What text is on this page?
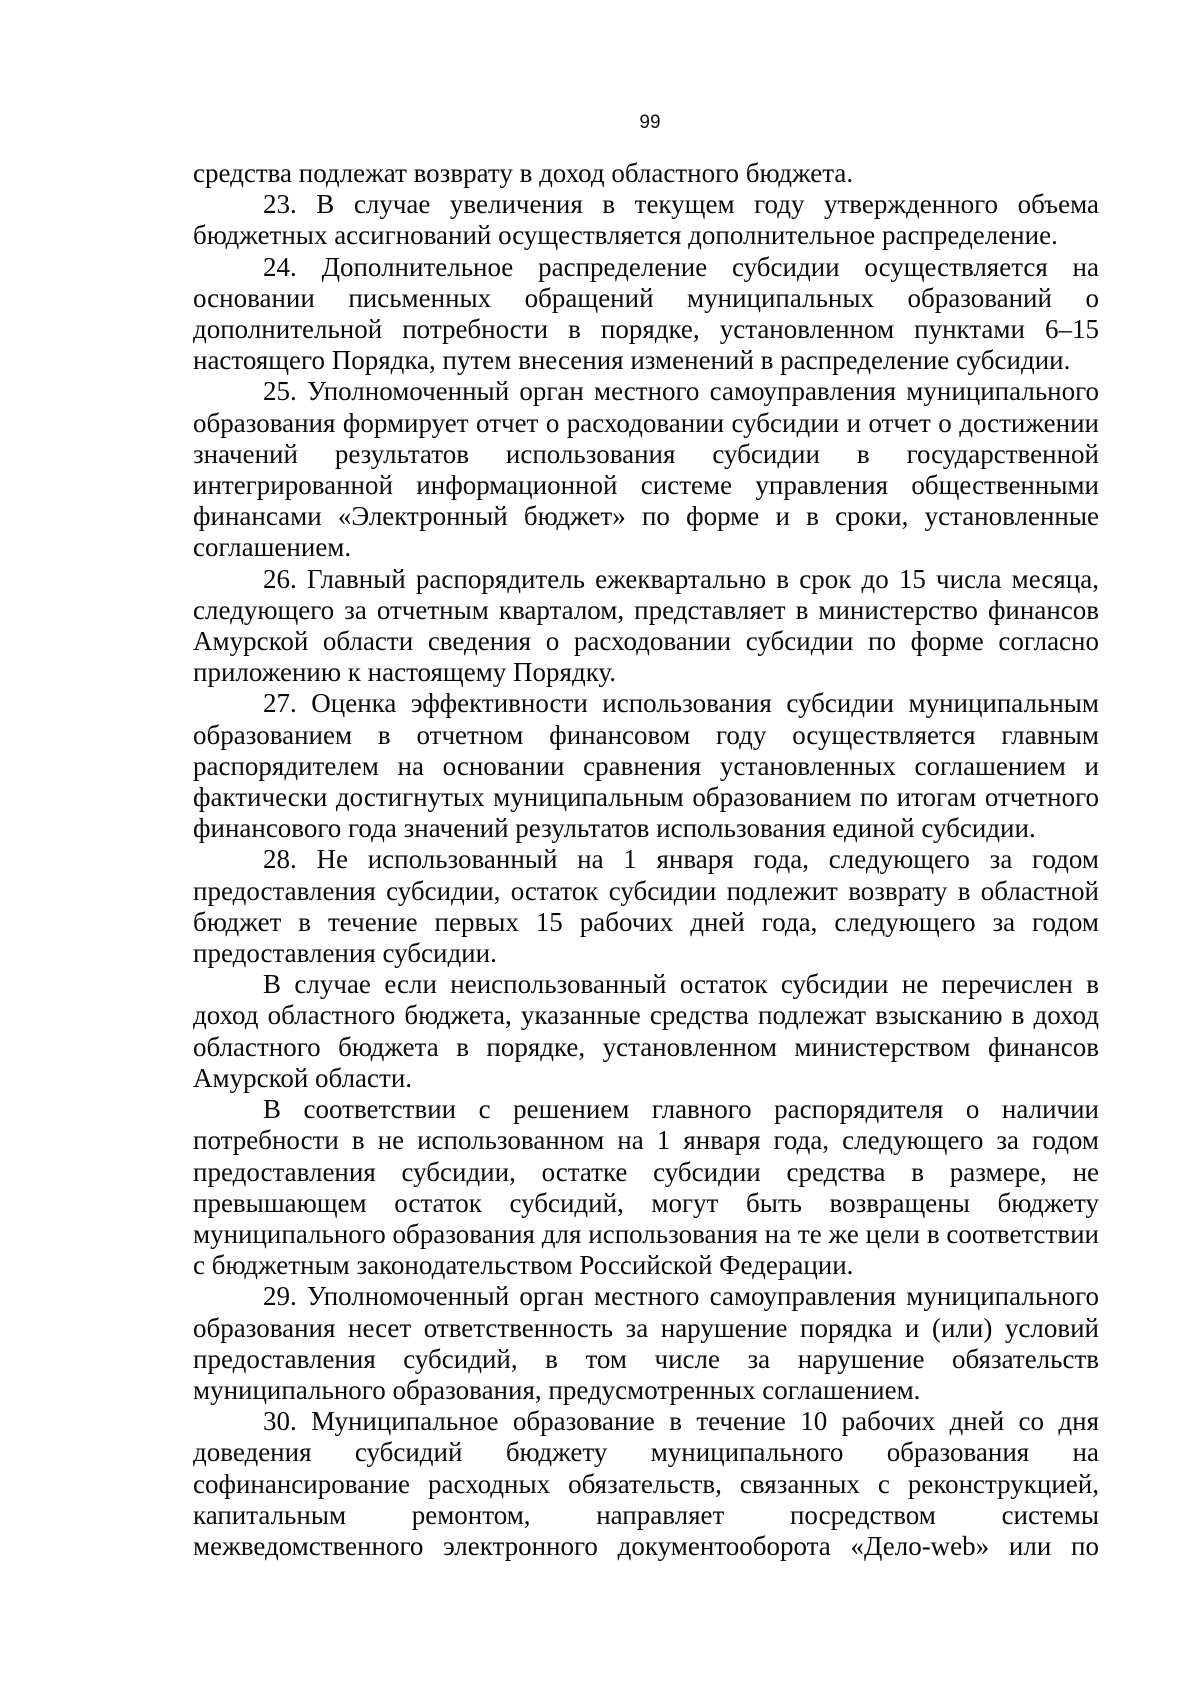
99

средства подлежат возврату в доход областного бюджета.

23. В случае увеличения в текущем году утвержденного объема бюджетных ассигнований осуществляется дополнительное распределение.

24. Дополнительное распределение субсидии осуществляется на основании письменных обращений муниципальных образований о дополнительной потребности в порядке, установленном пунктами 6–15 настоящего Порядка, путем внесения изменений в распределение субсидии.

25. Уполномоченный орган местного самоуправления муниципального образования формирует отчет о расходовании субсидии и отчет о достижении значений результатов использования субсидии в государственной интегрированной информационной системе управления общественными финансами «Электронный бюджет» по форме и в сроки, установленные соглашением.

26. Главный распорядитель ежеквартально в срок до 15 числа месяца, следующего за отчетным кварталом, представляет в министерство финансов Амурской области сведения о расходовании субсидии по форме согласно приложению к настоящему Порядку.

27. Оценка эффективности использования субсидии муниципальным образованием в отчетном финансовом году осуществляется главным распорядителем на основании сравнения установленных соглашением и фактически достигнутых муниципальным образованием по итогам отчетного финансового года значений результатов использования единой субсидии.

28. Не использованный на 1 января года, следующего за годом предоставления субсидии, остаток субсидии подлежит возврату в областной бюджет в течение первых 15 рабочих дней года, следующего за годом предоставления субсидии.

В случае если неиспользованный остаток субсидии не перечислен в доход областного бюджета, указанные средства подлежат взысканию в доход областного бюджета в порядке, установленном министерством финансов Амурской области.

В соответствии с решением главного распорядителя о наличии потребности в не использованном на 1 января года, следующего за годом предоставления субсидии, остатке субсидии средства в размере, не превышающем остаток субсидий, могут быть возвращены бюджету муниципального образования для использования на те же цели в соответствии с бюджетным законодательством Российской Федерации.

29. Уполномоченный орган местного самоуправления муниципального образования несет ответственность за нарушение порядка и (или) условий предоставления субсидий, в том числе за нарушение обязательств муниципального образования, предусмотренных соглашением.

30. Муниципальное образование в течение 10 рабочих дней со дня доведения субсидий бюджету муниципального образования на софинансирование расходных обязательств, связанных с реконструкцией, капитальным ремонтом, направляет посредством системы межведомственного электронного документооборота «Дело-web» или по
